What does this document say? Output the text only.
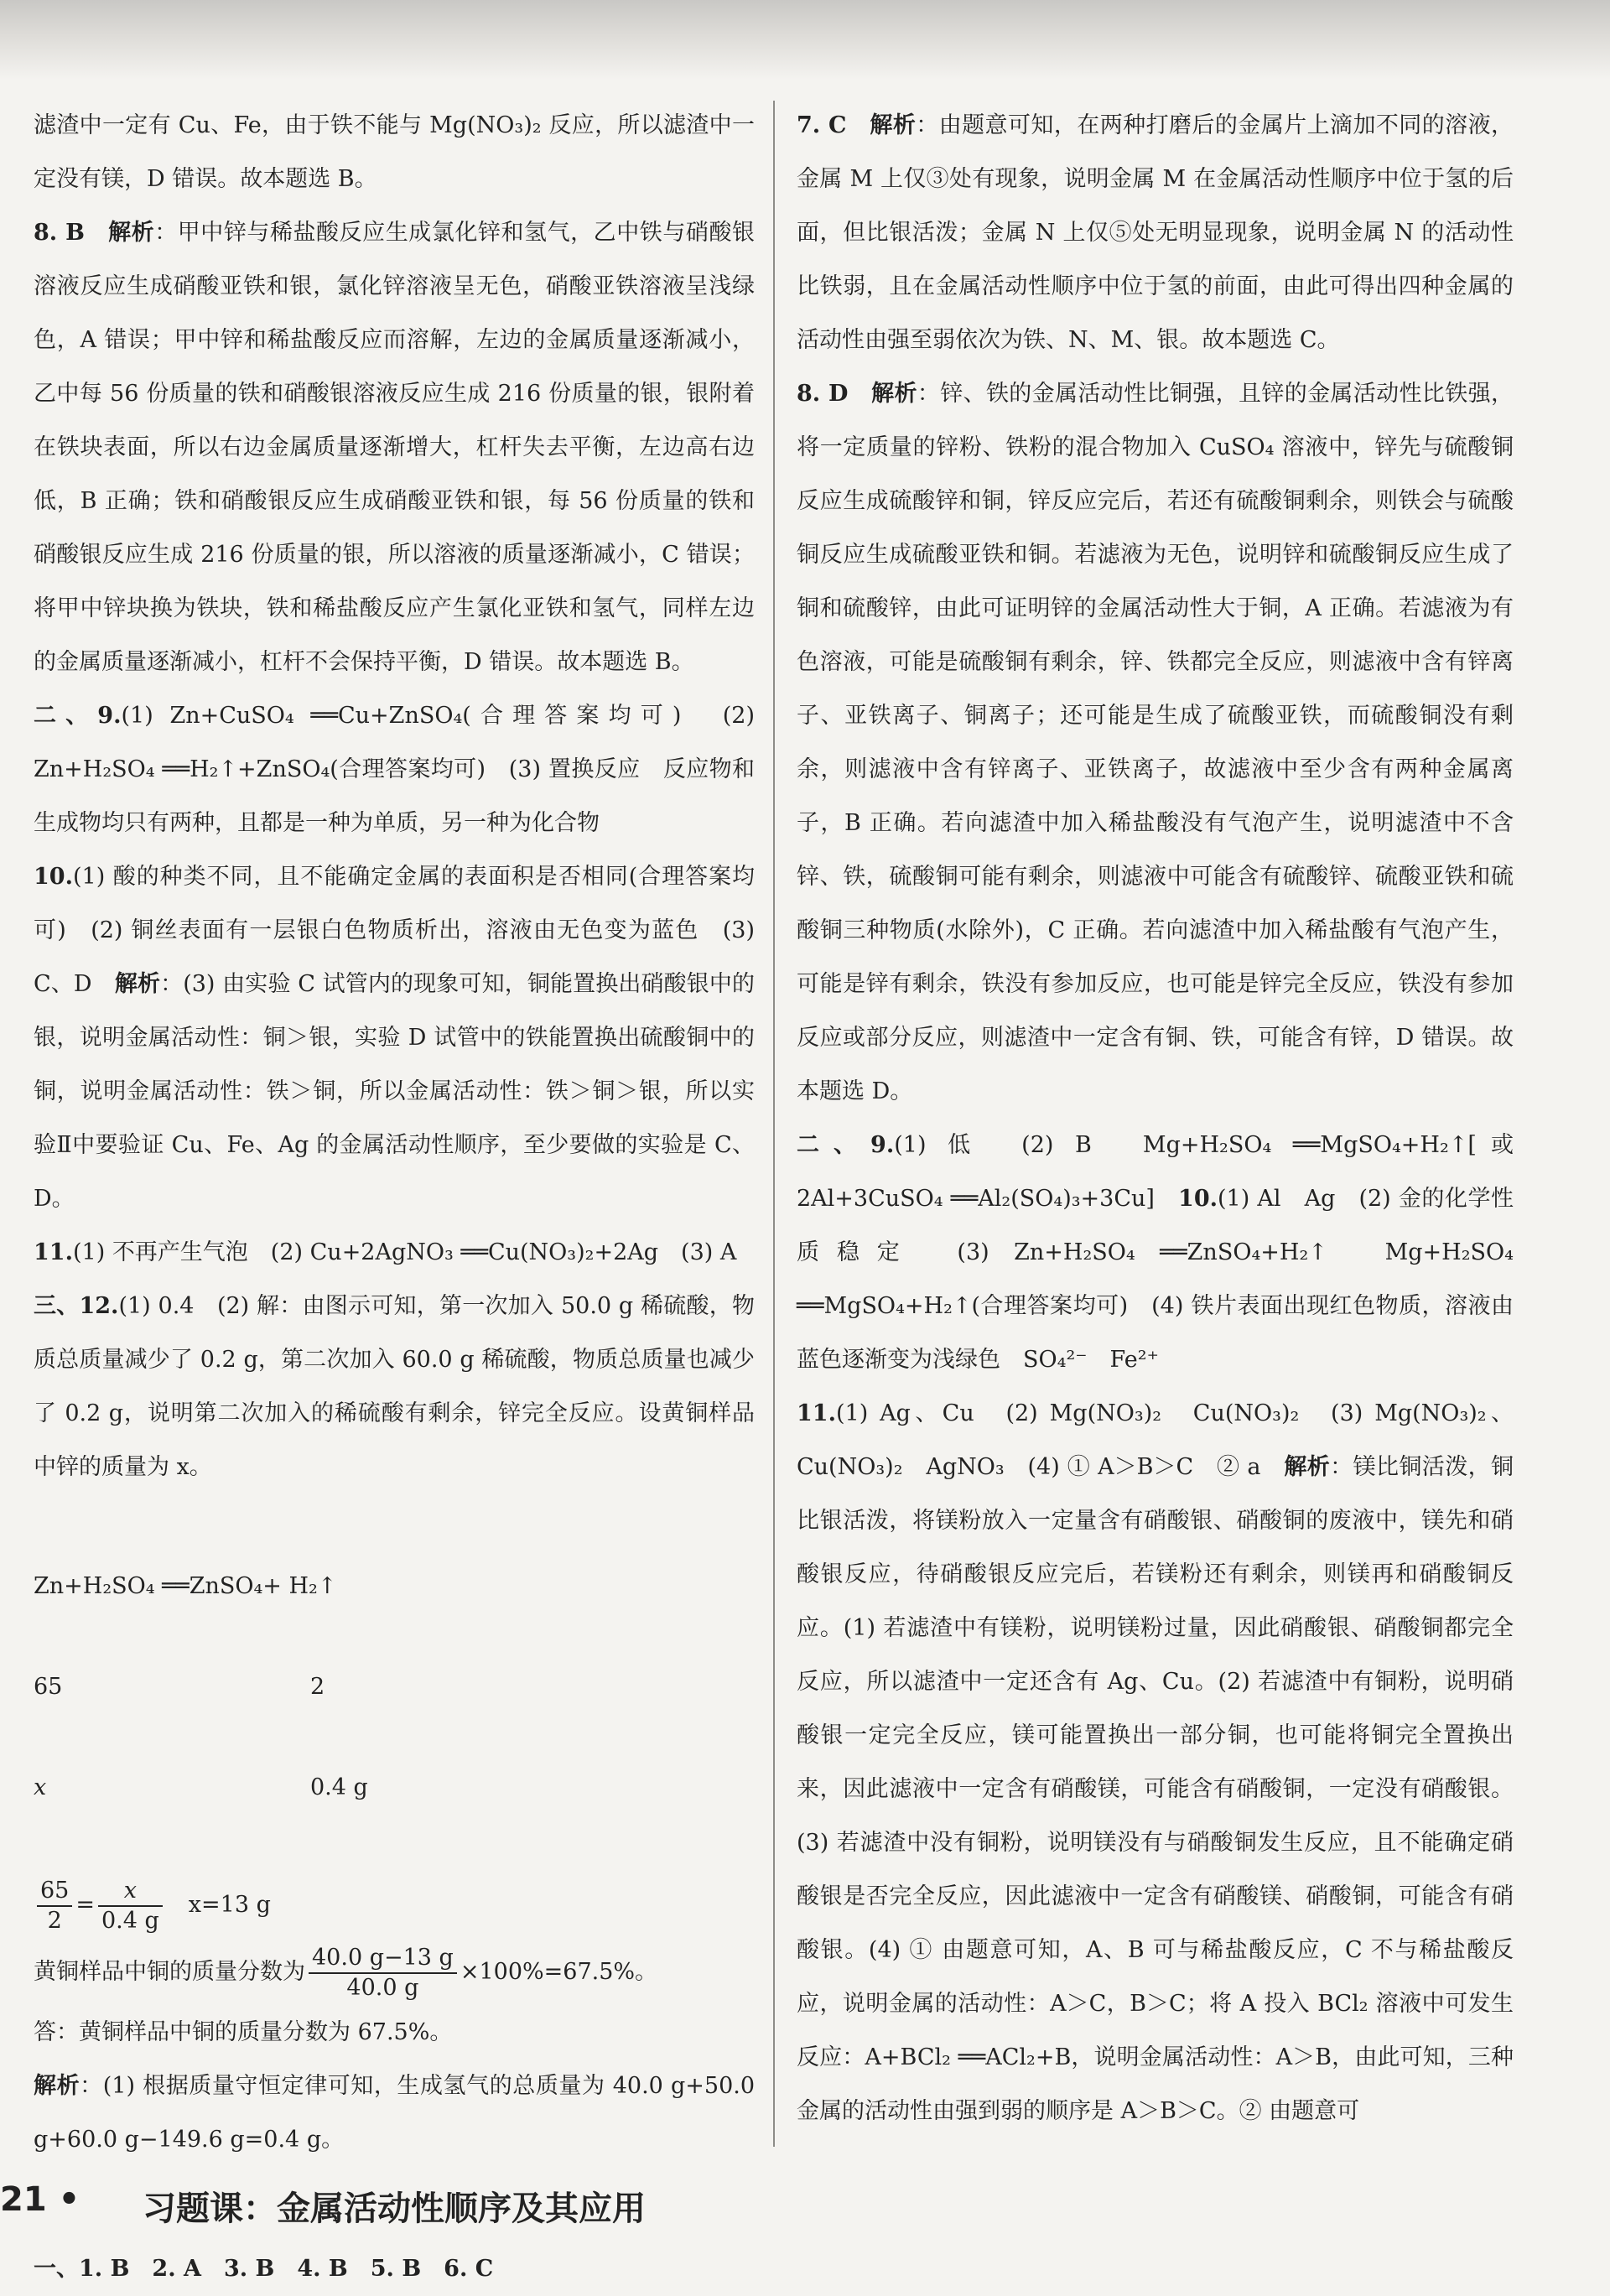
滤渣中一定有 Cu、Fe，由于铁不能与 Mg(NO₃)₂ 反应，所以滤渣中一定没有镁，D 错误。故本题选 B。

8. B　 解析：甲中锌与稀盐酸反应生成氯化锌和氢气，乙中铁与硝酸银溶液反应生成硝酸亚铁和银，氯化锌溶液呈无色，硝酸亚铁溶液呈浅绿色，A 错误；甲中锌和稀盐酸反应而溶解，左边的金属质量逐渐减小，乙中每 56 份质量的铁和硝酸银溶液反应生成 216 份质量的银，银附着在铁块表面，所以右边金属质量逐渐增大，杠杆失去平衡，左边高右边低，B 正确；铁和硝酸银反应生成硝酸亚铁和银，每 56 份质量的铁和硝酸银反应生成 216 份质量的银，所以溶液的质量逐渐减小，C 错误；将甲中锌块换为铁块，铁和稀盐酸反应产生氯化亚铁和氢气，同样左边的金属质量逐渐减小，杠杆不会保持平衡，D 错误。故本题选 B。

二、9.(1) Zn+CuSO₄ ══Cu+ZnSO₄(合理答案均可)　(2) Zn+H₂SO₄ ══H₂↑+ZnSO₄(合理答案均可)　(3) 置换反应　反应物和生成物均只有两种，且都是一种为单质，另一种为化合物

10.(1) 酸的种类不同，且不能确定金属的表面积是否相同(合理答案均可)　(2) 铜丝表面有一层银白色物质析出，溶液由无色变为蓝色　(3) C、D　解析：(3) 由实验 C 试管内的现象可知，铜能置换出硝酸银中的银，说明金属活动性：铜＞银，实验 D 试管中的铁能置换出硫酸铜中的铜，说明金属活动性：铁＞铜，所以金属活动性：铁＞铜＞银，所以实验Ⅱ中要验证 Cu、Fe、Ag 的金属活动性顺序，至少要做的实验是 C、D。

11.(1) 不再产生气泡　(2) Cu+2AgNO₃ ══Cu(NO₃)₂+2Ag　(3) A

三、12.(1) 0.4　(2) 解：由图示可知，第一次加入 50.0 g 稀硫酸，物质总质量减少了 0.2 g，第二次加入 60.0 g 稀硫酸，物质总质量也减少了 0.2 g，说明第二次加入的稀硫酸有剩余，锌完全反应。设黄铜样品中锌的质量为 x。

Zn+H₂SO₄ ══ZnSO₄+ H₂↑

65	2

x	0.4 g

$\frac{65}{2} = \frac{x}{0.4 g}$
　 x=13 g
黄铜样品中铜的质量分数为 $\frac{40.0 g-13 g}{40.0 g} \times 100\%=67.5\%$。

答：黄铜样品中铜的质量分数为 67.5%。

解析：(1) 根据质量守恒定律可知，生成氢气的总质量为 40.0 g+50.0 g+60.0 g−149.6 g=0.4 g。

习题课：金属活动性顺序及其应用

一、1. B　2. A　3. B　4. B　5. B　6. C

7. C　 解析：由题意可知，在两种打磨后的金属片上滴加不同的溶液，金属 M 上仅③处有现象，说明金属 M 在金属活动性顺序中位于氢的后面，但比银活泼；金属 N 上仅⑤处无明显现象，说明金属 N 的活动性比铁弱，且在金属活动性顺序中位于氢的前面，由此可得出四种金属的活动性由强至弱依次为铁、N、M、银。故本题选 C。

8. D　 解析：锌、铁的金属活动性比铜强，且锌的金属活动性比铁强，将一定质量的锌粉、铁粉的混合物加入 CuSO₄ 溶液中，锌先与硫酸铜反应生成硫酸锌和铜，锌反应完后，若还有硫酸铜剩余，则铁会与硫酸铜反应生成硫酸亚铁和铜。若滤液为无色，说明锌和硫酸铜反应生成了铜和硫酸锌，由此可证明锌的金属活动性大于铜，A 正确。若滤液为有色溶液，可能是硫酸铜有剩余，锌、铁都完全反应，则滤液中含有锌离子、亚铁离子、铜离子；还可能是生成了硫酸亚铁，而硫酸铜没有剩余，则滤液中含有锌离子、亚铁离子，故滤液中至少含有两种金属离子，B 正确。若向滤渣中加入稀盐酸没有气泡产生，说明滤渣中不含锌、铁，硫酸铜可能有剩余，则滤液中可能含有硫酸锌、硫酸亚铁和硫酸铜三种物质(水除外)，C 正确。若向滤渣中加入稀盐酸有气泡产生，可能是锌有剩余，铁没有参加反应，也可能是锌完全反应，铁没有参加反应或部分反应，则滤渣中一定含有铜、铁，可能含有锌，D 错误。故本题选 D。

二、9.(1) 低　(2) B　Mg+H₂SO₄ ══MgSO₄+H₂↑[或 2Al+3CuSO₄ ══Al₂(SO₄)₃+3Cu]　10.(1) Al　Ag　(2) 金的化学性质稳定　(3) Zn+H₂SO₄ ══ZnSO₄+H₂↑　Mg+H₂SO₄ ══MgSO₄+H₂↑(合理答案均可)　(4) 铁片表面出现红色物质，溶液由蓝色逐渐变为浅绿色　SO₄²⁻　Fe²⁺

11.(1) Ag、Cu　(2) Mg(NO₃)₂　Cu(NO₃)₂　(3) Mg(NO₃)₂、Cu(NO₃)₂　AgNO₃　(4) ① A＞B＞C　② a　解析：镁比铜活泼，铜比银活泼，将镁粉放入一定量含有硝酸银、硝酸铜的废液中，镁先和硝酸银反应，待硝酸银反应完后，若镁粉还有剩余，则镁再和硝酸铜反应。(1) 若滤渣中有镁粉，说明镁粉过量，因此硝酸银、硝酸铜都完全反应，所以滤渣中一定还含有 Ag、Cu。(2) 若滤渣中有铜粉，说明硝酸银一定完全反应，镁可能置换出一部分铜，也可能将铜完全置换出来，因此滤液中一定含有硝酸镁，可能含有硝酸铜，一定没有硝酸银。(3) 若滤渣中没有铜粉，说明镁没有与硝酸铜发生反应，且不能确定硝酸银是否完全反应，因此滤液中一定含有硝酸镁、硝酸铜，可能含有硝酸银。(4) ① 由题意可知，A、B 可与稀盐酸反应，C 不与稀盐酸反应，说明金属的活动性：A＞C，B＞C；将 A 投入 BCl₂ 溶液中可发生反应：A+BCl₂ ══ACl₂+B，说明金属活动性：A＞B，由此可知，三种金属的活动性由强到弱的顺序是 A＞B＞C。② 由题意可

21 •
